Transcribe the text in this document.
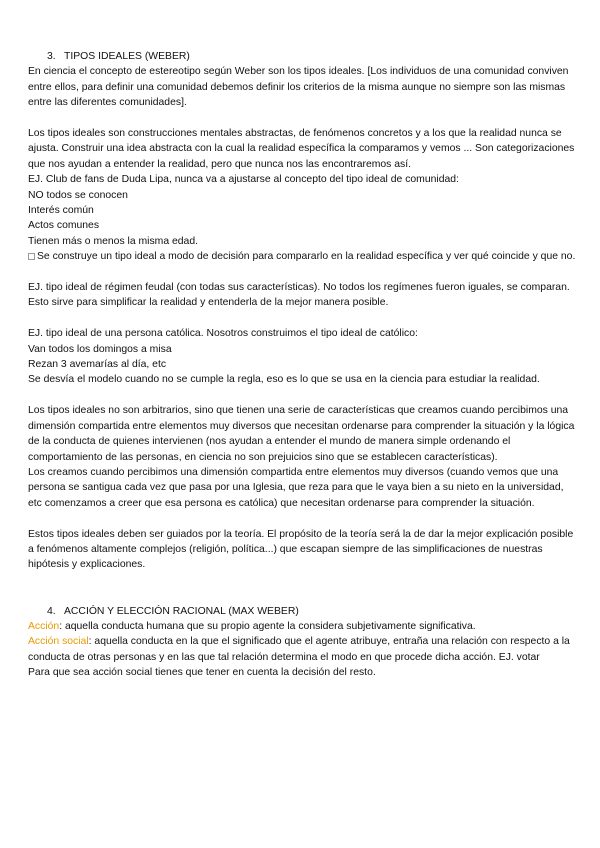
3. TIPOS IDEALES (WEBER)

En ciencia el concepto de estereotipo según Weber son los tipos ideales. [Los individuos de una comunidad conviven entre ellos, para definir una comunidad debemos definir los criterios de la misma aunque no siempre son las mismas entre las diferentes comunidades].

Los tipos ideales son construcciones mentales abstractas, de fenómenos concretos y a los que la realidad nunca se ajusta. Construir una idea abstracta con la cual la realidad específica la comparamos y vemos ... Son categorizaciones que nos ayudan a entender la realidad, pero que nunca nos las encontraremos así.

EJ. Club de fans de Duda Lipa, nunca va a ajustarse al concepto del tipo ideal de comunidad:

NO todos se conocen

Interés común

Actos comunes

Tienen más o menos la misma edad.

Se construye un tipo ideal a modo de decisión para compararlo en la realidad específica y ver qué coincide y que no.

EJ. tipo ideal de régimen feudal (con todas sus características). No todos los regímenes fueron iguales, se comparan. Esto sirve para simplificar la realidad y entenderla de la mejor manera posible.

EJ. tipo ideal de una persona católica. Nosotros construimos el tipo ideal de católico:

Van todos los domingos a misa

Rezan 3 avemarías al día, etc

Se desvía el modelo cuando no se cumple la regla, eso es lo que se usa en la ciencia para estudiar la realidad.

Los tipos ideales no son arbitrarios, sino que tienen una serie de características que creamos cuando percibimos una dimensión compartida entre elementos muy diversos que necesitan ordenarse para comprender la situación y la lógica de la conducta de quienes intervienen (nos ayudan a entender el mundo de manera simple ordenando el comportamiento de las personas, en ciencia no son prejuicios sino que se establecen características).

Los creamos cuando percibimos una dimensión compartida entre elementos muy diversos (cuando vemos que una persona se santigua cada vez que pasa por una Iglesia, que reza para que le vaya bien a su nieto en la universidad, etc comenzamos a creer que esa persona es católica) que necesitan ordenarse para comprender la situación.

Estos tipos ideales deben ser guiados por la teoría. El propósito de la teoría será la de dar la mejor explicación posible a fenómenos altamente complejos (religión, política...) que escapan siempre de las simplificaciones de nuestras hipótesis y explicaciones.

4. ACCIÓN Y ELECCIÓN RACIONAL (MAX WEBER)

Acción: aquella conducta humana que su propio agente la considera subjetivamente significativa.

Acción social: aquella conducta en la que el significado que el agente atribuye, entraña una relación con respecto a la conducta de otras personas y en las que tal relación determina el modo en que procede dicha acción. EJ. votar

Para que sea acción social tienes que tener en cuenta la decisión del resto.
